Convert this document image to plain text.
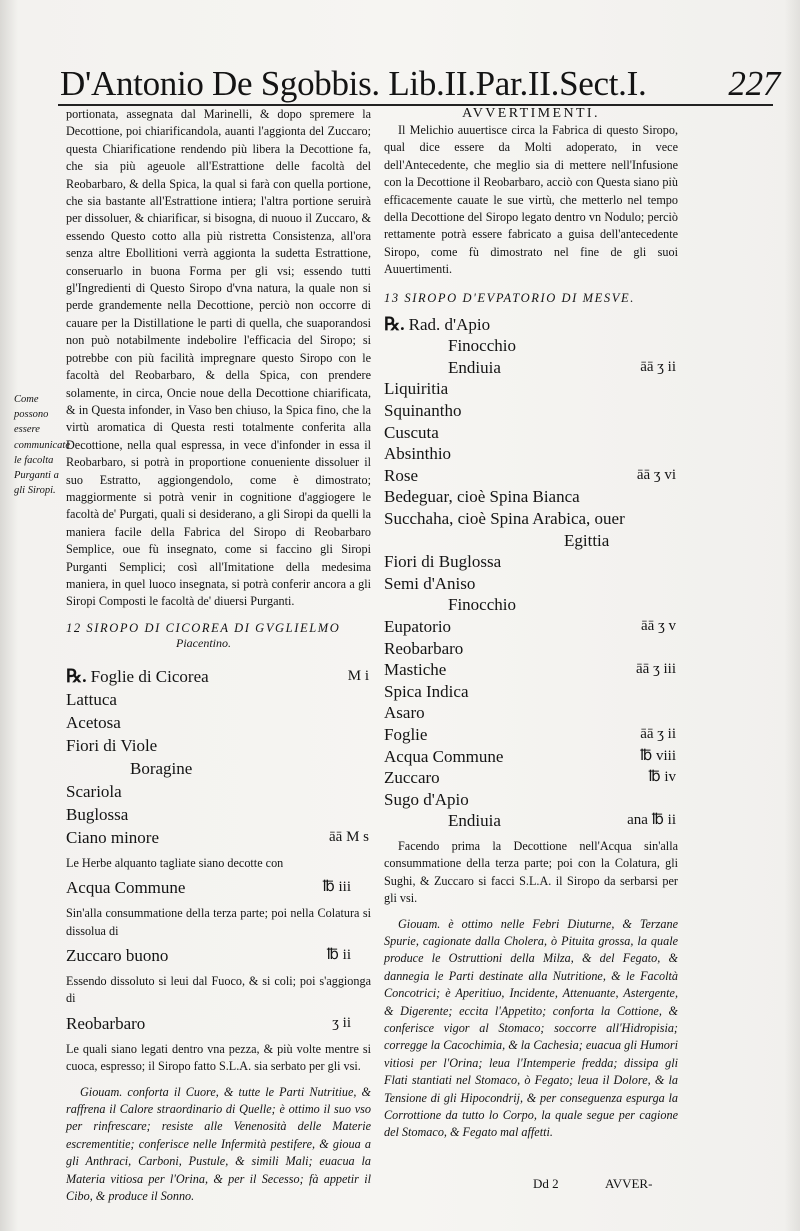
D'Antonio De Sgobbis. Lib.II.Par.II.Sect.I. 227
Come possono essere communicate le facolta Purganti a gli Siropi.

portionata, assegnata dal Marinelli, & dopo spremere la Decottione, poi chiarificandola, auanti l'aggionta del Zuccaro; questa Chiarificatione rendendo più libera la Decottione fa, che sia più ageuole all'Estrattione delle facoltà del Reobarbaro, & della Spica, la qual si farà con quella portione, che sia bastante all'Estrattione intiera; l'altra portione seruirà per dissoluer, & chiarificar, si bisogna, di nuouo il Zuccaro, & essendo Questo cotto alla più ristretta Consistenza, all'ora senza altre Ebollitioni verrà aggionta la sudetta Estrattione, conseruarlo in buona Forma per gli vsi; essendo tutti gl'Ingredienti di Questo Siropo d'vna natura, la quale non si perde grandemente nella Decottione, perciò non occorre di cauare per la Distillatione le parti di quella, che suaporandosi non può notabilmente indebolire l'efficacia del Siropo; si potrebbe con più facilità impregnare questo Siropo con le facoltà del Reobarbaro, & della Spica, con prendere solamente, in circa, Oncie noue della Decottione chiarificata, & in Questa infonder, in Vaso ben chiuso, la Spica fino, che la virtù aromatica di Questa resti totalmente conferita alla Decottione, nella qual espressa, in vece d'infonder in essa il Reobarbaro, si potrà in proportione conueniente dissoluer il suo Estratto, aggiongendolo, come è dimostrato; maggiormente si potrà venir in cognitione d'aggiogere le facoltà de' Purgati, quali si desiderano, a gli Siropi da quelli la maniera facile della Fabrica del Siropo di Reobarbaro Semplice, oue fù insegnato, come si faccino gli Siropi Purganti Semplici; così all'Imitatione della medesima maniera, in quel luoco insegnata, si potrà conferir ancora a gli Siropi Composti le facoltà de' diuersi Purganti.

12 SIROPO DI CICOREA DI GVGLIELMO

Piacentino.

℞. Foglie di Cicorea	M i
Lattuca
Acetosa
Fiori di Viole
Boragine
Scariola
Buglossa
Ciano minore	āā M s

Le Herbe alquanto tagliate siano decotte con

Acqua Commune	℔ iii

Sin'alla consummatione della terza parte; poi nella Colatura si dissolua di

Zuccaro buono	℔ ii

Essendo dissoluto si leui dal Fuoco, & si coli; poi s'aggionga di

Reobarbaro	ʒ ii

Le quali siano legati dentro vna pezza, & più volte mentre si cuoca, espresso; il Siropo fatto S.L.A. sia serbato per gli vsi.

Giouam. conforta il Cuore, & tutte le Parti Nutritiue, & raffrena il Calore straordinario di Quelle; è ottimo il suo vso per rinfrescare; resiste alle Venenosità delle Materie escrementitie; conferisce nelle Infermità pestifere, & gioua a gli Anthraci, Carboni, Pustule, & simili Mali; euacua la Materia vitiosa per l'Orina, & per il Secesso; fà appetir il Cibo, & produce il Sonno.

AVVERTIMENTI.

Il Melichio auuertisce circa la Fabrica di questo Siropo, qual dice essere da Molti adoperato, in vece dell'Antecedente, che meglio sia di mettere nell'Infusione con la Decottione il Reobarbaro, acciò con Questa siano più efficacemente cauate le sue virtù, che metterlo nel tempo della Decottione del Siropo legato dentro vn Nodulo; perciò rettamente potrà essere fabricato a guisa dell'antecedente Siropo, come fù dimostrato nel fine de gli suoi Auuertimenti.

13 SIROPO D'EVPATORIO DI MESVE.

℞. Rad. d'Apio
Finocchio
Endiuia	āā ʒ ii
Liquiritia
Squinantho
Cuscuta
Absinthio
Rose	āā ʒ vi
Bedeguar, cioè Spina Bianca
Succhaha, cioè Spina Arabica, ouer
Egittia
Fiori di Buglossa
Semi d'Aniso
Finocchio
Eupatorio	āā ʒ v
Reobarbaro
Mastiche	āā ʒ iii
Spica Indica
Asaro
Foglie	āā ʒ ii
Acqua Commune	℔ viii
Zuccaro	℔ iv
Sugo d'Apio
Endiuia	ana ℔ ii

Facendo prima la Decottione nell'Acqua sin'alla consummatione della terza parte; poi con la Colatura, gli Sughi, & Zuccaro si facci S.L.A. il Siropo da serbarsi per gli vsi.

Giouam. è ottimo nelle Febri Diuturne, & Terzane Spurie, cagionate dalla Cholera, ò Pituita grossa, la quale produce le Ostruttioni della Milza, & del Fegato, & dannegia le Parti destinate alla Nutritione, & le Facoltà Concotrici; è Aperitiuo, Incidente, Attenuante, Astergente, & Digerente; eccita l'Appetito; conforta la Cottione, & conferisce vigor al Stomaco; soccorre all'Hidropisia; corregge la Cacochimia, & la Cachesia; euacua gli Humori vitiosi per l'Orina; leua l'Intemperie fredda; dissipa gli Flati stantiati nel Stomaco, ò Fegato; leua il Dolore, & la Tensione di gli Hipocondrij, & per conseguenza espurga la Corrottione da tutto lo Corpo, la quale segue per cagione del Stomaco, & Fegato mal affetti.

Dd 2	AVVER-
